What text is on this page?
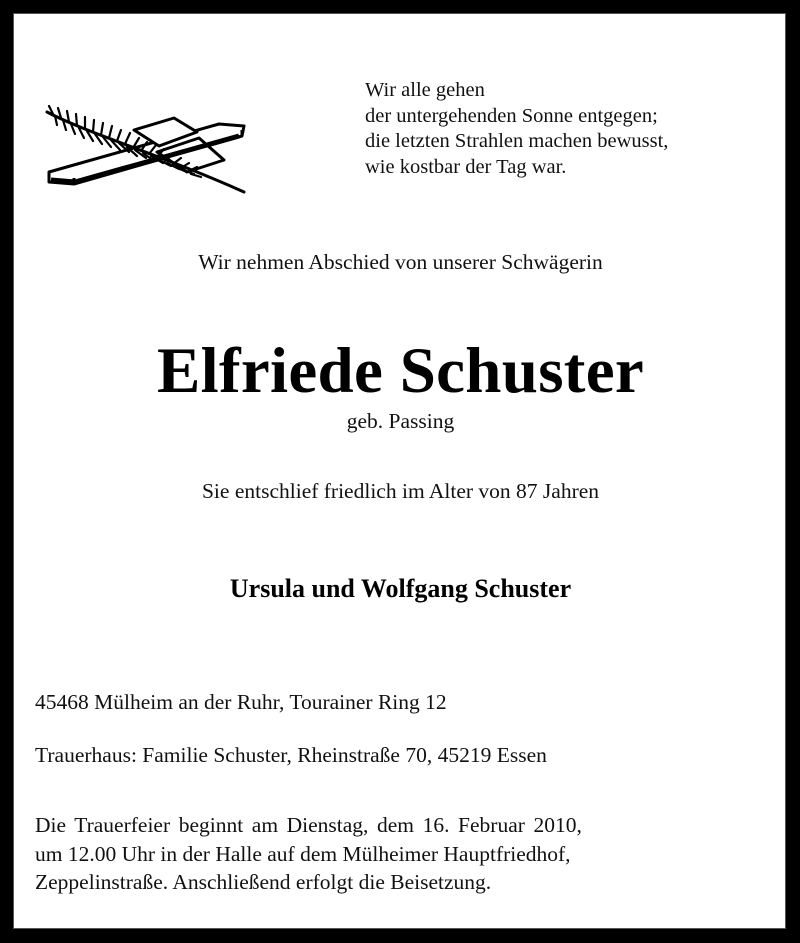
Wir alle gehen
der untergehenden Sonne entgegen;
die letzten Strahlen machen bewusst,
wie kostbar der Tag war.
Wir nehmen Abschied von unserer Schwägerin
Elfriede Schuster
geb. Passing
Sie entschlief friedlich im Alter von 87 Jahren
Ursula und Wolfgang Schuster
45468 Mülheim an der Ruhr, Tourainer Ring 12
Trauerhaus: Familie Schuster, Rheinstraße 70, 45219 Essen
Die Trauerfeier beginnt am Dienstag, dem 16. Februar 2010,
um 12.00 Uhr in der Halle auf dem Mülheimer Hauptfriedhof,
Zeppelinstraße. Anschließend erfolgt die Beisetzung.
